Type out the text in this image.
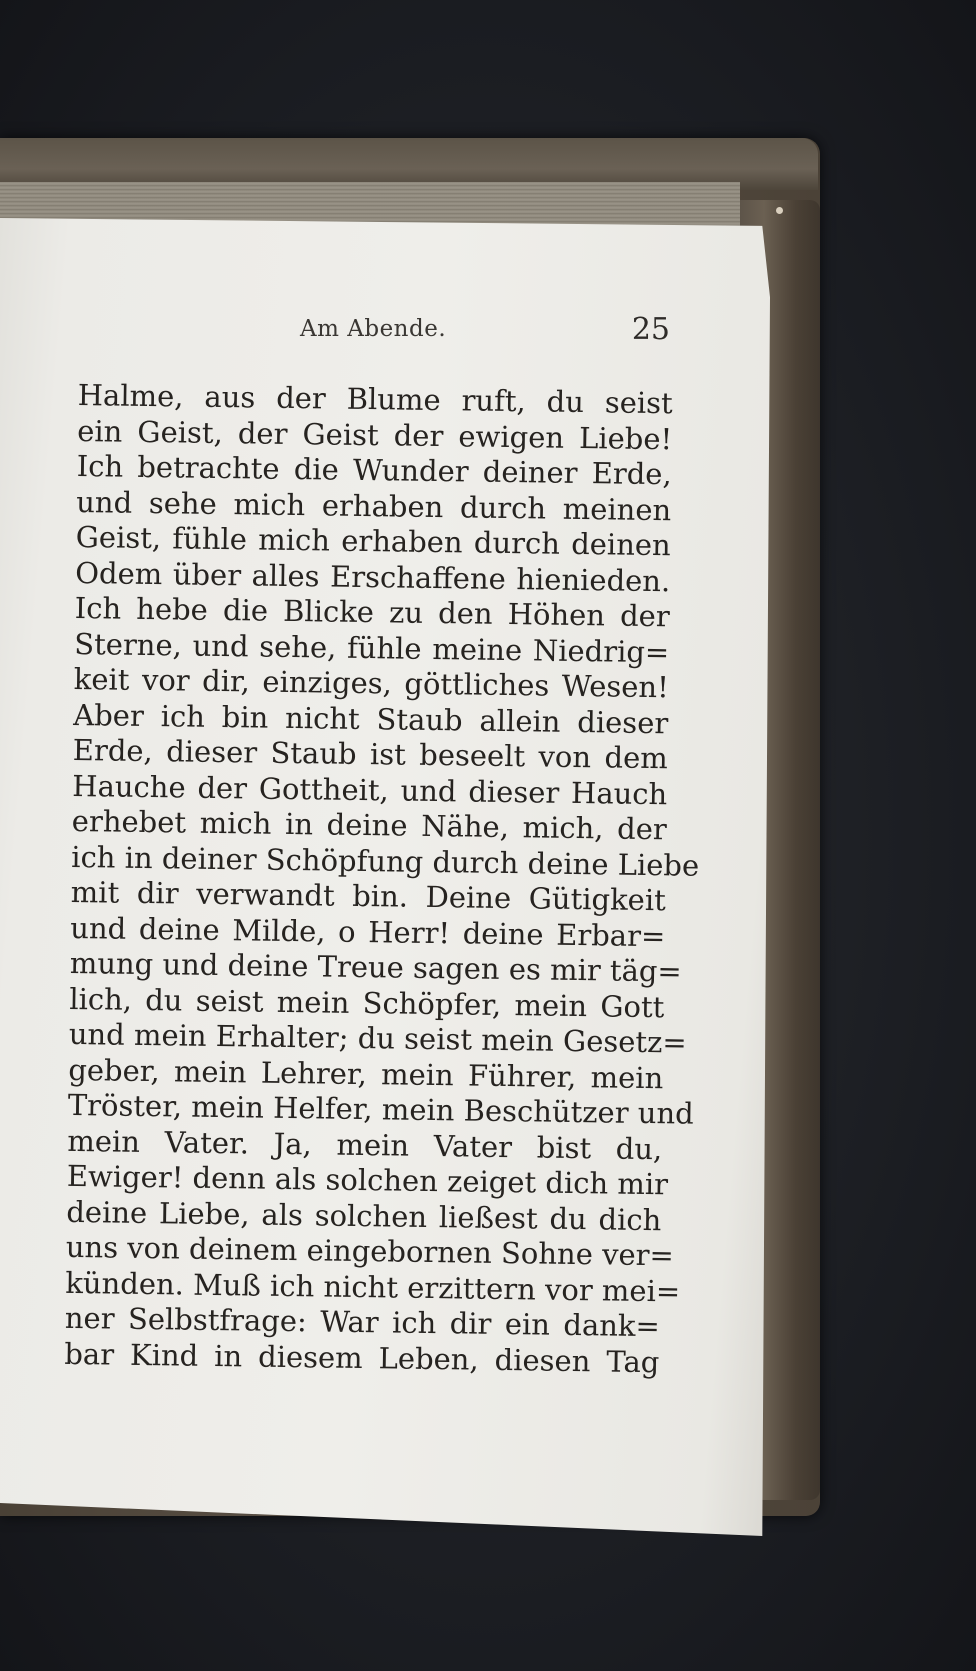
Am Abende.	25
Halme, aus der Blume ruft, du seist
ein Geist, der Geist der ewigen Liebe!
Ich betrachte die Wunder deiner Erde,
und sehe mich erhaben durch meinen
Geist, fühle mich erhaben durch deinen
Odem über alles Erschaffene hienieden.
Ich hebe die Blicke zu den Höhen der
Sterne, und sehe, fühle meine Niedrig=
keit vor dir, einziges, göttliches Wesen!
Aber ich bin nicht Staub allein dieser
Erde, dieser Staub ist beseelt von dem
Hauche der Gottheit, und dieser Hauch
erhebet mich in deine Nähe, mich, der
ich in deiner Schöpfung durch deine Liebe
mit dir verwandt bin. Deine Gütigkeit
und deine Milde, o Herr! deine Erbar=
mung und deine Treue sagen es mir täg=
lich, du seist mein Schöpfer, mein Gott
und mein Erhalter; du seist mein Gesetz=
geber, mein Lehrer, mein Führer, mein
Tröster, mein Helfer, mein Beschützer und
mein Vater. Ja, mein Vater bist du,
Ewiger! denn als solchen zeiget dich mir
deine Liebe, als solchen ließest du dich
uns von deinem eingebornen Sohne ver=
künden. Muß ich nicht erzittern vor mei=
ner Selbstfrage: War ich dir ein dank=
bar Kind in diesem Leben, diesen Tag
